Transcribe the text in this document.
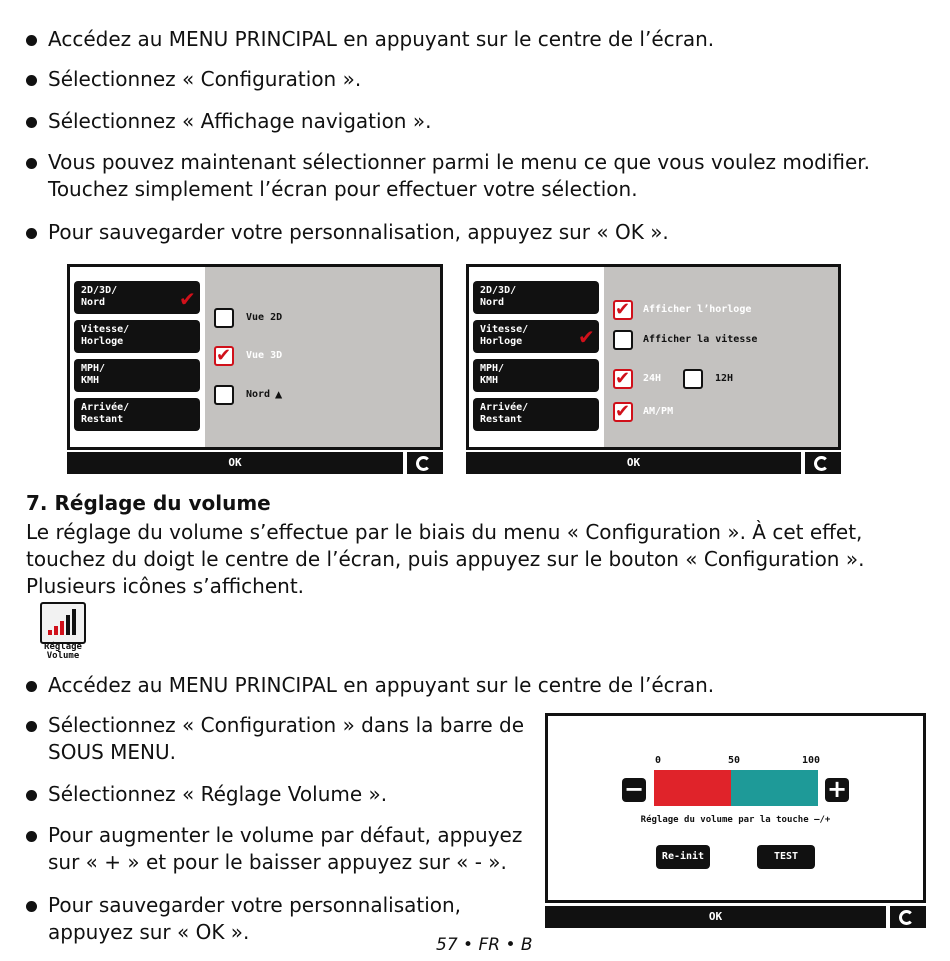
Accédez au MENU PRINCIPAL en appuyant sur le centre de l’écran.
Sélectionnez « Configuration ».
Sélectionnez « Affichage navigation ».
Vous pouvez maintenant sélectionner parmi le menu ce que vous voulez modifier.
Touchez simplement l’écran pour effectuer votre sélection.
Pour sauvegarder votre personnalisation, appuyez sur « OK ».
2D/3D/
Nord	✔
Vitesse/
Horloge
MPH/
KMH
Arrivée/
Restant
Vue 2D
✔ Vue 3D
Nord ▲
OK
2D/3D/
Nord
Vitesse/
Horloge	✔
MPH/
KMH
Arrivée/
Restant
✔ Afficher l’horloge
Afficher la vitesse
✔ 24H	12H
✔ AM/PM
OK
7. Réglage du volume
Le réglage du volume s’effectue par le biais du menu « Configuration ». À cet effet,
touchez du doigt le centre de l’écran, puis appuyez sur le bouton « Configuration ».
Plusieurs icônes s’affichent.
Réglage
Volume
Accédez au MENU PRINCIPAL en appuyant sur le centre de l’écran.
Sélectionnez « Configuration » dans la barre de
SOUS MENU.
Sélectionnez « Réglage Volume ».
Pour augmenter le volume par défaut, appuyez
sur « + » et pour le baisser appuyez sur « - ».
Pour sauvegarder votre personnalisation,
appuyez sur « OK ».
0	50	100
−	+
Réglage du volume par la touche –/+
Re-init	TEST
OK
57 • FR • B
